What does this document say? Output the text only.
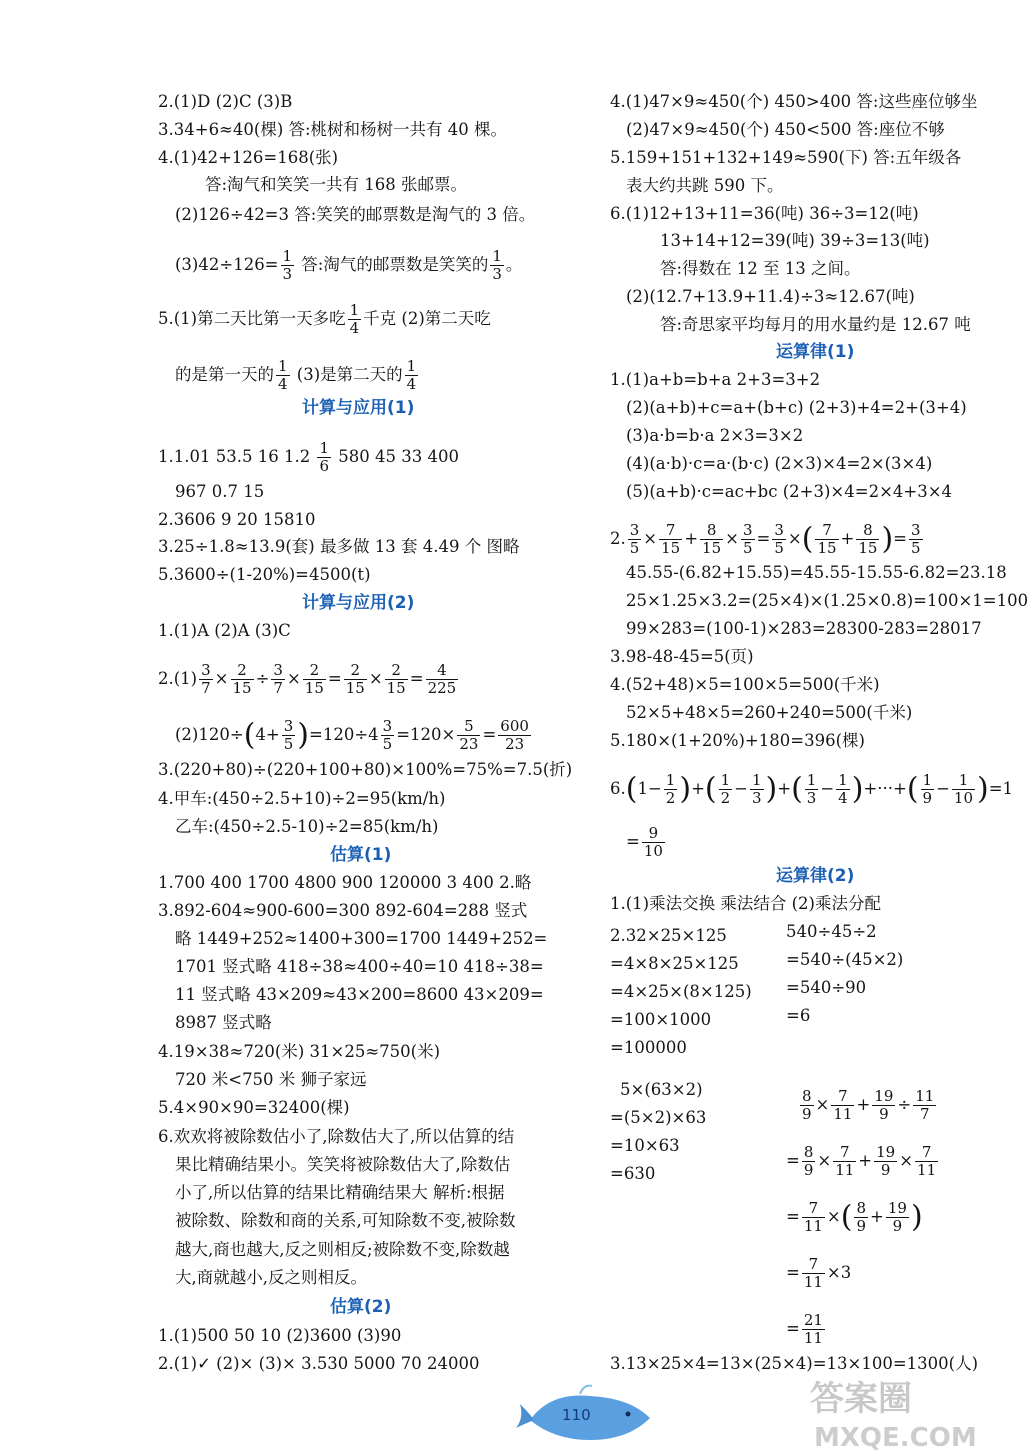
2.(1)D (2)C (3)B
3.34+6≈40(棵) 答:桃树和杨树一共有 40 棵。
4.(1)42+126=168(张)
答:淘气和笑笑一共有 168 张邮票。
(2)126÷42=3 答:笑笑的邮票数是淘气的 3 倍。
$(3)42\div 126= \frac{1}{3}$ 答:淘气的邮票数是笑笑的 $\frac{1}{3}$ 。
5.(1)第二天比第一天多吃 $\frac{1}{4}$ 千克 (2)第二天吃
的是第一天的 $\frac{1}{4} (3)$是第二天的 $\frac{1}{4}$
计算与应用(1)
1.1.01 53.5 16 $1.2 \frac{1}{6} 580$ 45 33 400
967 0.7 15
2.3606 9 20 15810
3.25÷1.8≈13.9(套) 最多做 13 套 4.49 个 图略
5.3600÷(1-20%)=4500(t)
计算与应用(2)
1.(1)A (2)A (3)C
$2.(1) \frac{3}{7} \times \frac{2}{15} \div \frac{3}{7} \times \frac{2}{15} = \frac{2}{15} \times \frac{2}{15} = \frac{4}{225}$
$(2)120\div(4+ \frac{3}{5} )=120\div 4 \frac{3}{5} =120\times \frac{5}{23} = \frac{600}{23}$
3.(220+80)÷(220+100+80)×100%=75%=7.5(折)
4.甲车:(450÷2.5+10)÷2=95(km/h)
乙车:(450÷2.5-10)÷2=85(km/h)
估算(1)
1.700 400 1700 4800 900 120000 3 400 2.略
3.892-604≈900-600=300 892-604=288 竖式
略 1449+252≈1400+300=1700 1449+252=
1701 竖式略 418÷38≈400÷40=10 418÷38=
11 竖式略 43×209≈43×200=8600 43×209=
8987 竖式略
4.19×38≈720(米) 31×25≈750(米)
720 米<750 米 狮子家远
5.4×90×90=32400(棵)
6.欢欢将被除数估小了,除数估大了,所以估算的结
果比精确结果小。笑笑将被除数估大了,除数估
小了,所以估算的结果比精确结果大 解析:根据
被除数、除数和商的关系,可知除数不变,被除数
越大,商也越大,反之则相反;被除数不变,除数越
大,商就越小,反之则相反。
估算(2)
1.(1)500 50 10 (2)3600 (3)90
2.(1)✓ (2)× (3)× 3.530 5000 70 24000
4.(1)47×9≈450(个) 450>400 答:这些座位够坐
(2)47×9≈450(个) 450<500 答:座位不够
5.159+151+132+149≈590(下) 答:五年级各
表大约共跳 590 下。
6.(1)12+13+11=36(吨) 36÷3=12(吨)
13+14+12=39(吨) 39÷3=13(吨)
答:得数在 12 至 13 之间。
(2)(12.7+13.9+11.4)÷3≈12.67(吨)
答:奇思家平均每月的用水量约是 12.67 吨
运算律(1)
1.(1)a+b=b+a 2+3=3+2
(2)(a+b)+c=a+(b+c) (2+3)+4=2+(3+4)
(3)a·b=b·a 2×3=3×2
(4)(a·b)·c=a·(b·c) (2×3)×4=2×(3×4)
(5)(a+b)·c=ac+bc (2+3)×4=2×4+3×4
2. $\frac{3}{5} \times \frac{7}{15} + \frac{8}{15} \times \frac{3}{5} = \frac{3}{5}$ ×( $\frac{7}{15} + \frac{8}{15}$ )= $\frac{3}{5}$
45.55-(6.82+15.55)=45.55-15.55-6.82=23.18
25×1.25×3.2=(25×4)×(1.25×0.8)=100×1=100
99×283=(100-1)×283=28300-283=28017
3.98-48-45=5(页)
4.(52+48)×5=100×5=500(千米)
52×5+48×5=260+240=500(千米)
5.180×(1+20%)+180=396(棵)
$6.(1- \frac{1}{2}$ )+( $\frac{1}{2} - \frac{1}{3}$ )+( $\frac{1}{3} - \frac{1}{4}$ )+···+( $\frac{1}{9} - \frac{1}{10} )=1$
= $\frac{9}{10}$
运算律(2)
1.(1)乘法交换 乘法结合 (2)乘法分配
2.32×25×125
=4×8×25×125
=4×25×(8×125)
=100×1000
=100000
540÷45÷2
=540÷(45×2)
=540÷90
=6
5×(63×2)
=(5×2)×63
=10×63
=630
$\frac{8}{9} \times \frac{7}{11} + \frac{19}{9} \div \frac{11}{7}$
= $\frac{8}{9} \times \frac{7}{11} + \frac{19}{9} \times \frac{7}{11}$
= $\frac{7}{11}$ ×( $\frac{8}{9} + \frac{19}{9}$ )
= $\frac{7}{11} \times 3$
= $\frac{21}{11}$
3.13×25×4=13×(25×4)=13×100=1300(人)
110	答案圈
MXQE.COM
